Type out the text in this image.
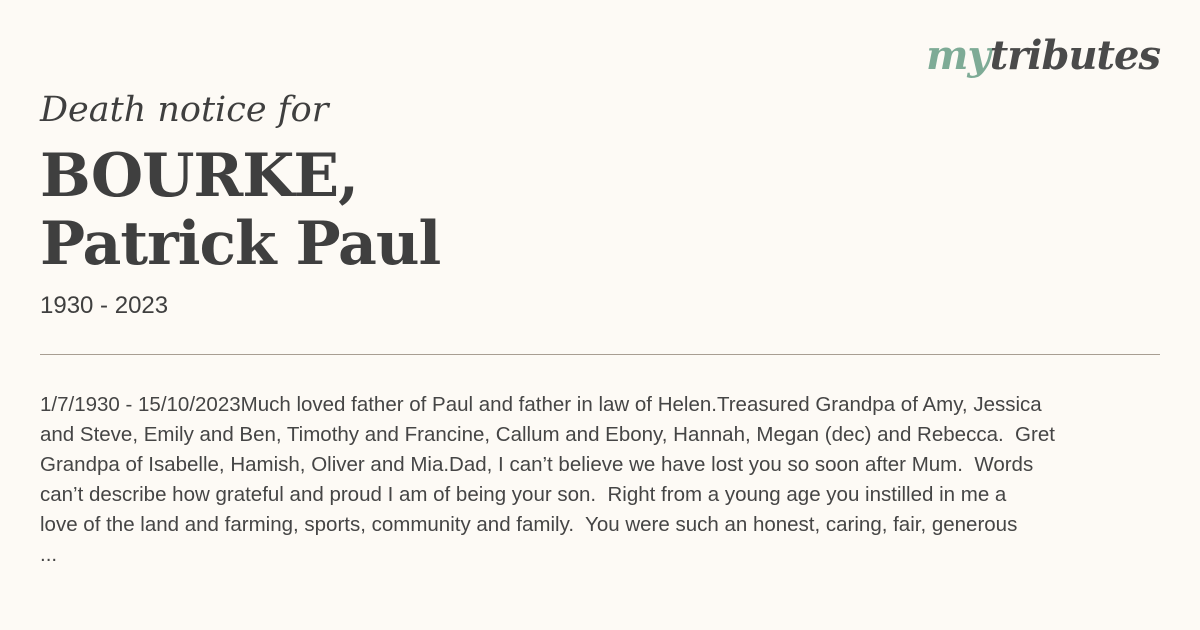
mytributes
Death notice for
BOURKE,
Patrick Paul
1930 - 2023
1/7/1930 - 15/10/2023Much loved father of Paul and father in law of Helen.Treasured Grandpa of Amy, Jessica
and Steve, Emily and Ben, Timothy and Francine, Callum and Ebony, Hannah, Megan (dec) and Rebecca.  Gret
Grandpa of Isabelle, Hamish, Oliver and Mia.Dad, I can’t believe we have lost you so soon after Mum.  Words
can’t describe how grateful and proud I am of being your son.  Right from a young age you instilled in me a
love of the land and farming, sports, community and family.  You were such an honest, caring, fair, generous
...
